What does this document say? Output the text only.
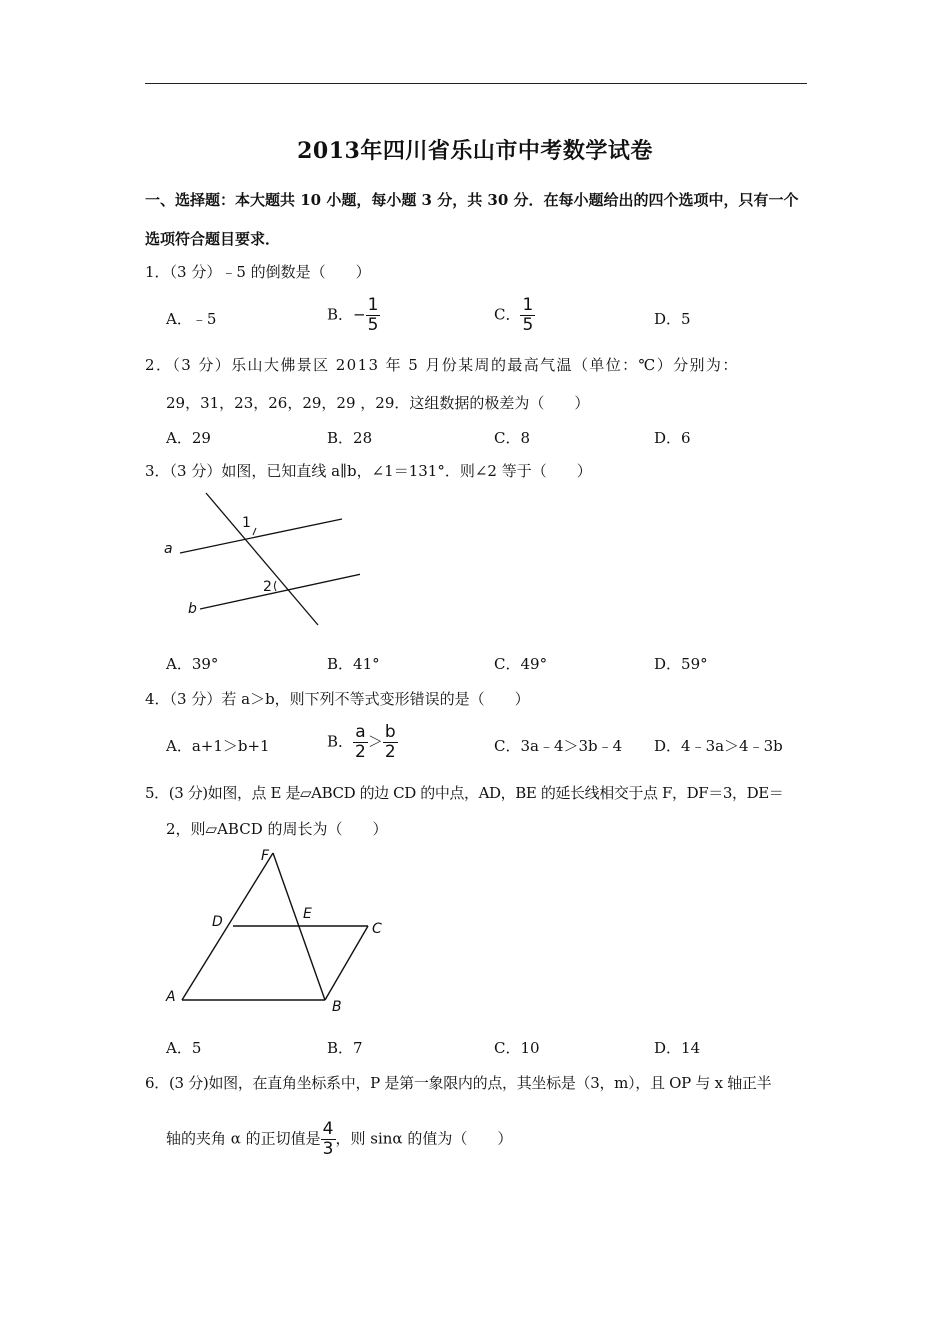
2013年四川省乐山市中考数学试卷
一、选择题：本大题共 10 小题，每小题 3 分，共 30 分．在每小题给出的四个选项中，只有一个
选项符合题目要求．
1．（3 分）﹣5 的倒数是（　　）
A．﹣5	B．− $\frac{1}{5}$	C． $\frac{1}{5}$	D．5
2．（3 分）乐山大佛景区 2013 年 5 月份某周的最高气温（单位：℃）分别为：
29，31，23，26，29，29 ，29．这组数据的极差为（　　）
A．29	B．28	C．8	D．6
3．（3 分）如图，已知直线 a∥b，∠1＝131°．则∠2 等于（　　）
a
b
1
2
A．39°	B．41°	C．49°	D．59°
4．（3 分）若 a＞b，则下列不等式变形错误的是（　　）
A．a+1＞b+1	B． $\frac{a}{2} > \frac{b}{2}$	C．3a﹣4＞3b﹣4 D．4﹣3a＞4﹣3b
5．(3 分)如图，点 E 是▱ABCD 的边 CD 的中点，AD，BE 的延长线相交于点 F，DF＝3，DE＝
2，则▱ABCD 的周长为（　　）
F
D	E
C
A
B
A．5	B．7	C．10	D．14
6．(3 分)如图，在直角坐标系中，P 是第一象限内的点，其坐标是（3，m），且 OP 与 x 轴正半
轴的夹角 α 的正切值是 $\frac{4}{3}$ ，则 sinα 的值为（　　）
